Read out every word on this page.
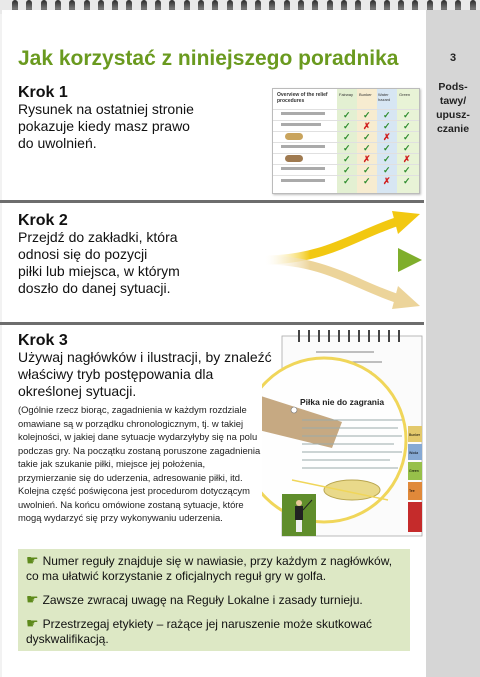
3
Pods-
tawy/
upusz-
czanie
Jak korzystać z niniejszego poradnika
Krok 1
Rysunek na ostatniej stronie
pokazuje kiedy masz prawo
do uwolnień.
Overview of the relief procedures
Fairway Bunker Water hazard
Green
✓ ✓ ✓ ✓
✓ ✗ ✓ ✓
✓ ✓ ✗ ✓
✓ ✓ ✓ ✓
✓ ✗ ✓ ✗
✓ ✓ ✓ ✓
✓ ✓ ✗ ✓
Krok 2
Przejdź do zakładki, która
odnosi się do pozycji
piłki lub miejsca, w którym
doszło do danej sytuacji.
Krok 3
Używaj nagłówków i ilustracji, by znaleźć
właściwy tryb postępowania dla
określonej sytuacji.
(Ogólnie rzecz biorąc, zagadnienia w każdym rozdziale omawiane są w porządku chronologicznym, tj. w takiej kolejności, w jakiej dane sytuacje wydarzyłyby się na polu podczas gry. Na początku zostaną poruszone zagadnienia takie jak szukanie piłki, miejsce jej położenia, przymierzanie się do uderzenia, adresowanie piłki, itd. Kolejna część poświęcona jest procedurom dotyczącym uwolnień. Na końcu omówione zostaną sytuacje, które mogą wydarzyć się przy wykonywaniu uderzenia.
Bunker
Woda
Green
Tee
Piłka nie do zagrania
☛ Numer reguły znajduje się w nawiasie, przy każdym z nagłówków, co ma ułatwić korzystanie z oficjalnych reguł gry w golfa.
☛ Zawsze zwracaj uwagę na Reguły Lokalne i zasady turnieju.
☛ Przestrzegaj etykiety – rażące jej naruszenie może skutkować dyskwalifikacją.
